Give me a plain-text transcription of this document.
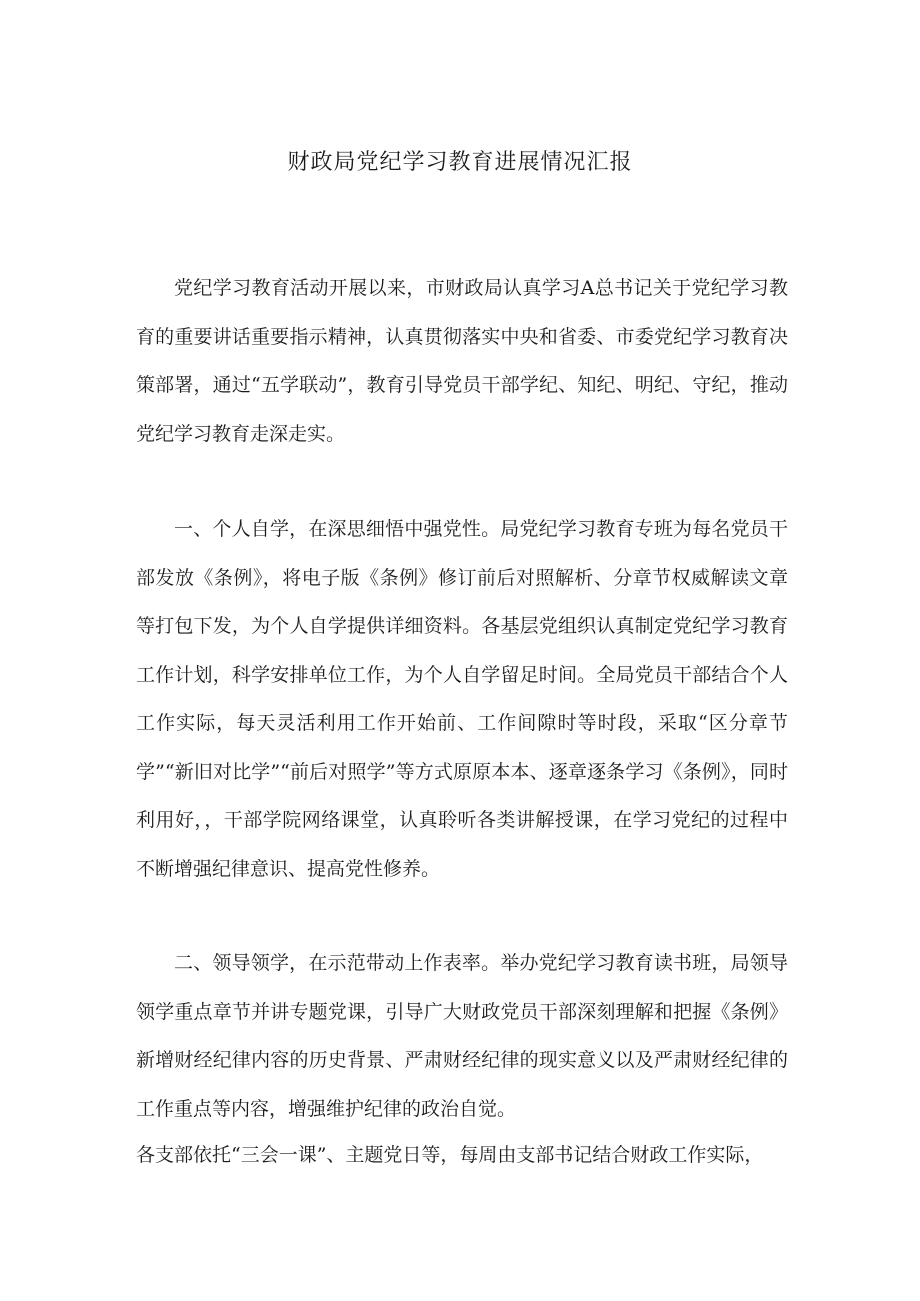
财政局党纪学习教育进展情况汇报

党纪学习教育活动开展以来，市财政局认真学习A总书记关于党纪学习教育的重要讲话重要指示精神，认真贯彻落实中央和省委、市委党纪学习教育决策部署，通过“五学联动”，教育引导党员干部学纪、知纪、明纪、守纪，推动党纪学习教育走深走实。

一、个人自学，在深思细悟中强党性。局党纪学习教育专班为每名党员干部发放《条例》，将电子版《条例》修订前后对照解析、分章节权威解读文章等打包下发，为个人自学提供详细资料。各基层党组织认真制定党纪学习教育工作计划，科学安排单位工作，为个人自学留足时间。全局党员干部结合个人工作实际，每天灵活利用工作开始前、工作间隙时等时段，采取“区分章节学”“新旧对比学”“前后对照学”等方式原原本本、逐章逐条学习《条例》，同时利用好，，干部学院网络课堂，认真聆听各类讲解授课，在学习党纪的过程中不断增强纪律意识、提高党性修养。

二、领导领学，在示范带动上作表率。举办党纪学习教育读书班，局领导领学重点章节并讲专题党课，引导广大财政党员干部深刻理解和把握《条例》新增财经纪律内容的历史背景、严肃财经纪律的现实意义以及严肃财经纪律的工作重点等内容，增强维护纪律的政治自觉。

各支部依托“三会一课”、主题党日等，每周由支部书记结合财政工作实际，
